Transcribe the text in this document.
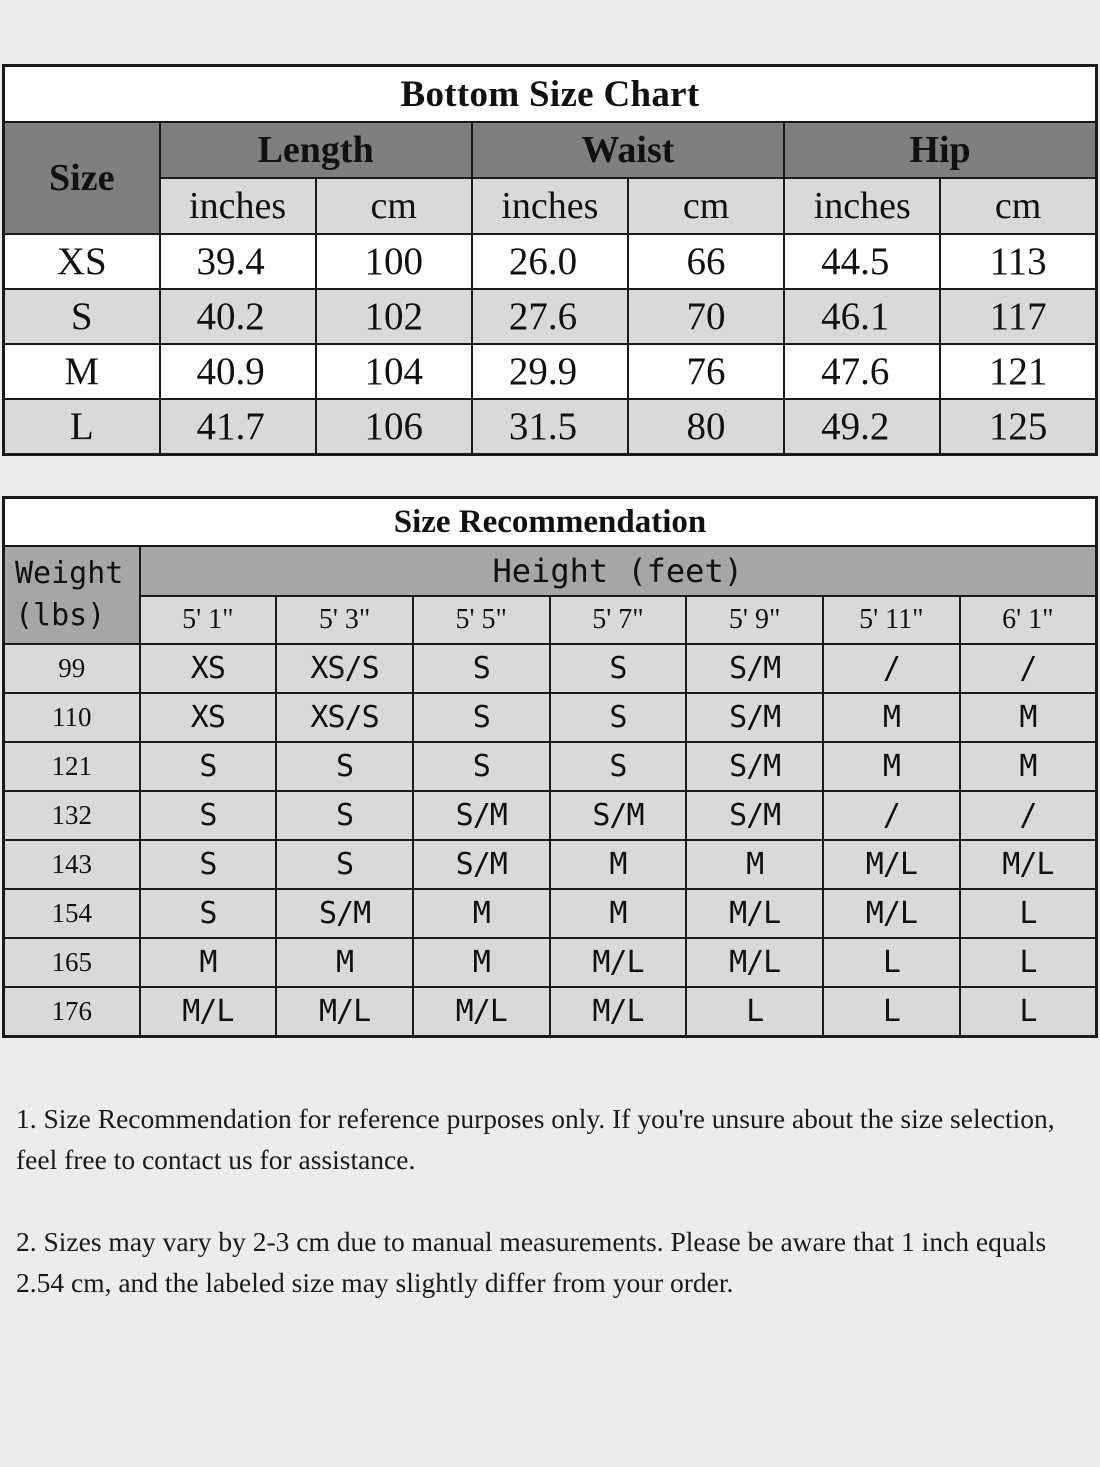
Bottom Size Chart						
Size	Length		Waist		Hip	
	inches	cm	inches	cm	inches	cm
XS	39.4	100	26.0	66	44.5	113
S	40.2	102	27.6	70	46.1	117
M	40.9	104	29.9	76	47.6	121
L	41.7	106	31.5	80	49.2	125
Size Recommendation							

Weight
(lbs)	Height (feet)						
	5' 1"	5' 3"	5' 5"	5' 7"	5' 9"	5' 11"	6' 1"
99	XS	XS/S	S	S	S/M	/	/
110	XS	XS/S	S	S	S/M	M	M
121	S	S	S	S	S/M	M	M
132	S	S	S/M	S/M	S/M	/	/
143	S	S	S/M	M	M	M/L	M/L
154	S	S/M	M	M	M/L	M/L	L
165	M	M	M	M/L	M/L	L	L
176	M/L	M/L	M/L	M/L	L	L	L
1. Size Recommendation for reference purposes only. If you're unsure about the size selection, feel free to contact us for assistance.
2. Sizes may vary by 2-3 cm due to manual measurements. Please be aware that 1 inch equals 2.54 cm, and the labeled size may slightly differ from your order.
